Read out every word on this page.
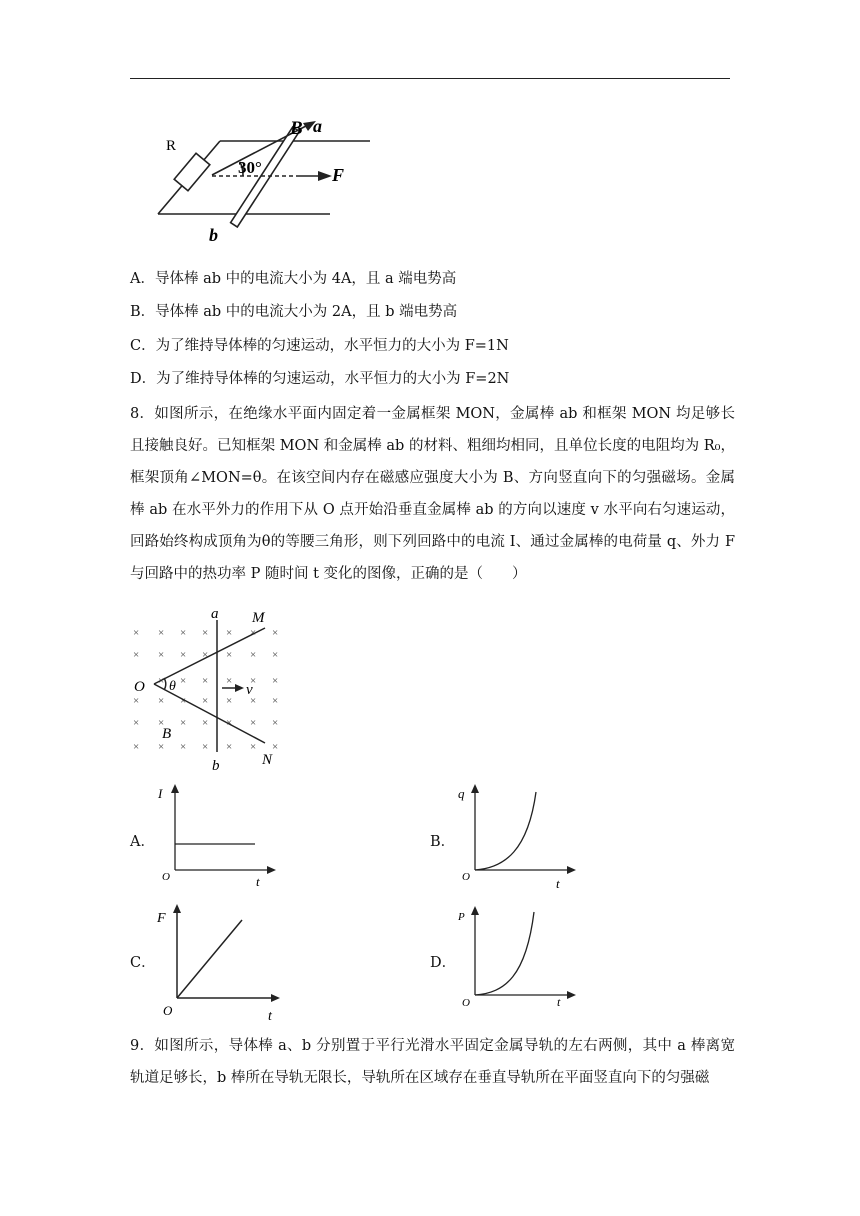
R
B a
30°	F
b
A．导体棒 ab 中的电流大小为 4A，且 a 端电势高
B．导体棒 ab 中的电流大小为 2A，且 b 端电势高
C．为了维持导体棒的匀速运动，水平恒力的大小为 F=1N
D．为了维持导体棒的匀速运动，水平恒力的大小为 F=2N
8．如图所示，在绝缘水平面内固定着一金属框架 MON，金属棒 ab 和框架 MON 均足够长且接触良好。已知框架 MON 和金属棒 ab 的材料、粗细均相同，且单位长度的电阻均为 R₀，框架顶角∠MON=θ。在该空间内存在磁感应强度大小为 B、方向竖直向下的匀强磁场。金属棒 ab 在水平外力的作用下从 O 点开始沿垂直金属棒 ab 的方向以速度 v 水平向右匀速运动，回路始终构成顶角为θ的等腰三角形，则下列回路中的电流 I、通过金属棒的电荷量 q、外力 F 与回路中的热功率 P 随时间 t 变化的图像，正确的是（　　）
× × × × × × ×
× × × × × × ×
× × × × × ×
× × × × × × ×
× × × × × × ×
× × × × × × ×
a M
O θ	v
B
b	N
A．
I
O	t
B．
q
O	t
C．
F
O	t
D．
P
O	t
9．如图所示，导体棒 a、b 分别置于平行光滑水平固定金属导轨的左右两侧，其中 a 棒离宽轨道足够长，b 棒所在导轨无限长，导轨所在区域存在垂直导轨所在平面竖直向下的匀强磁
